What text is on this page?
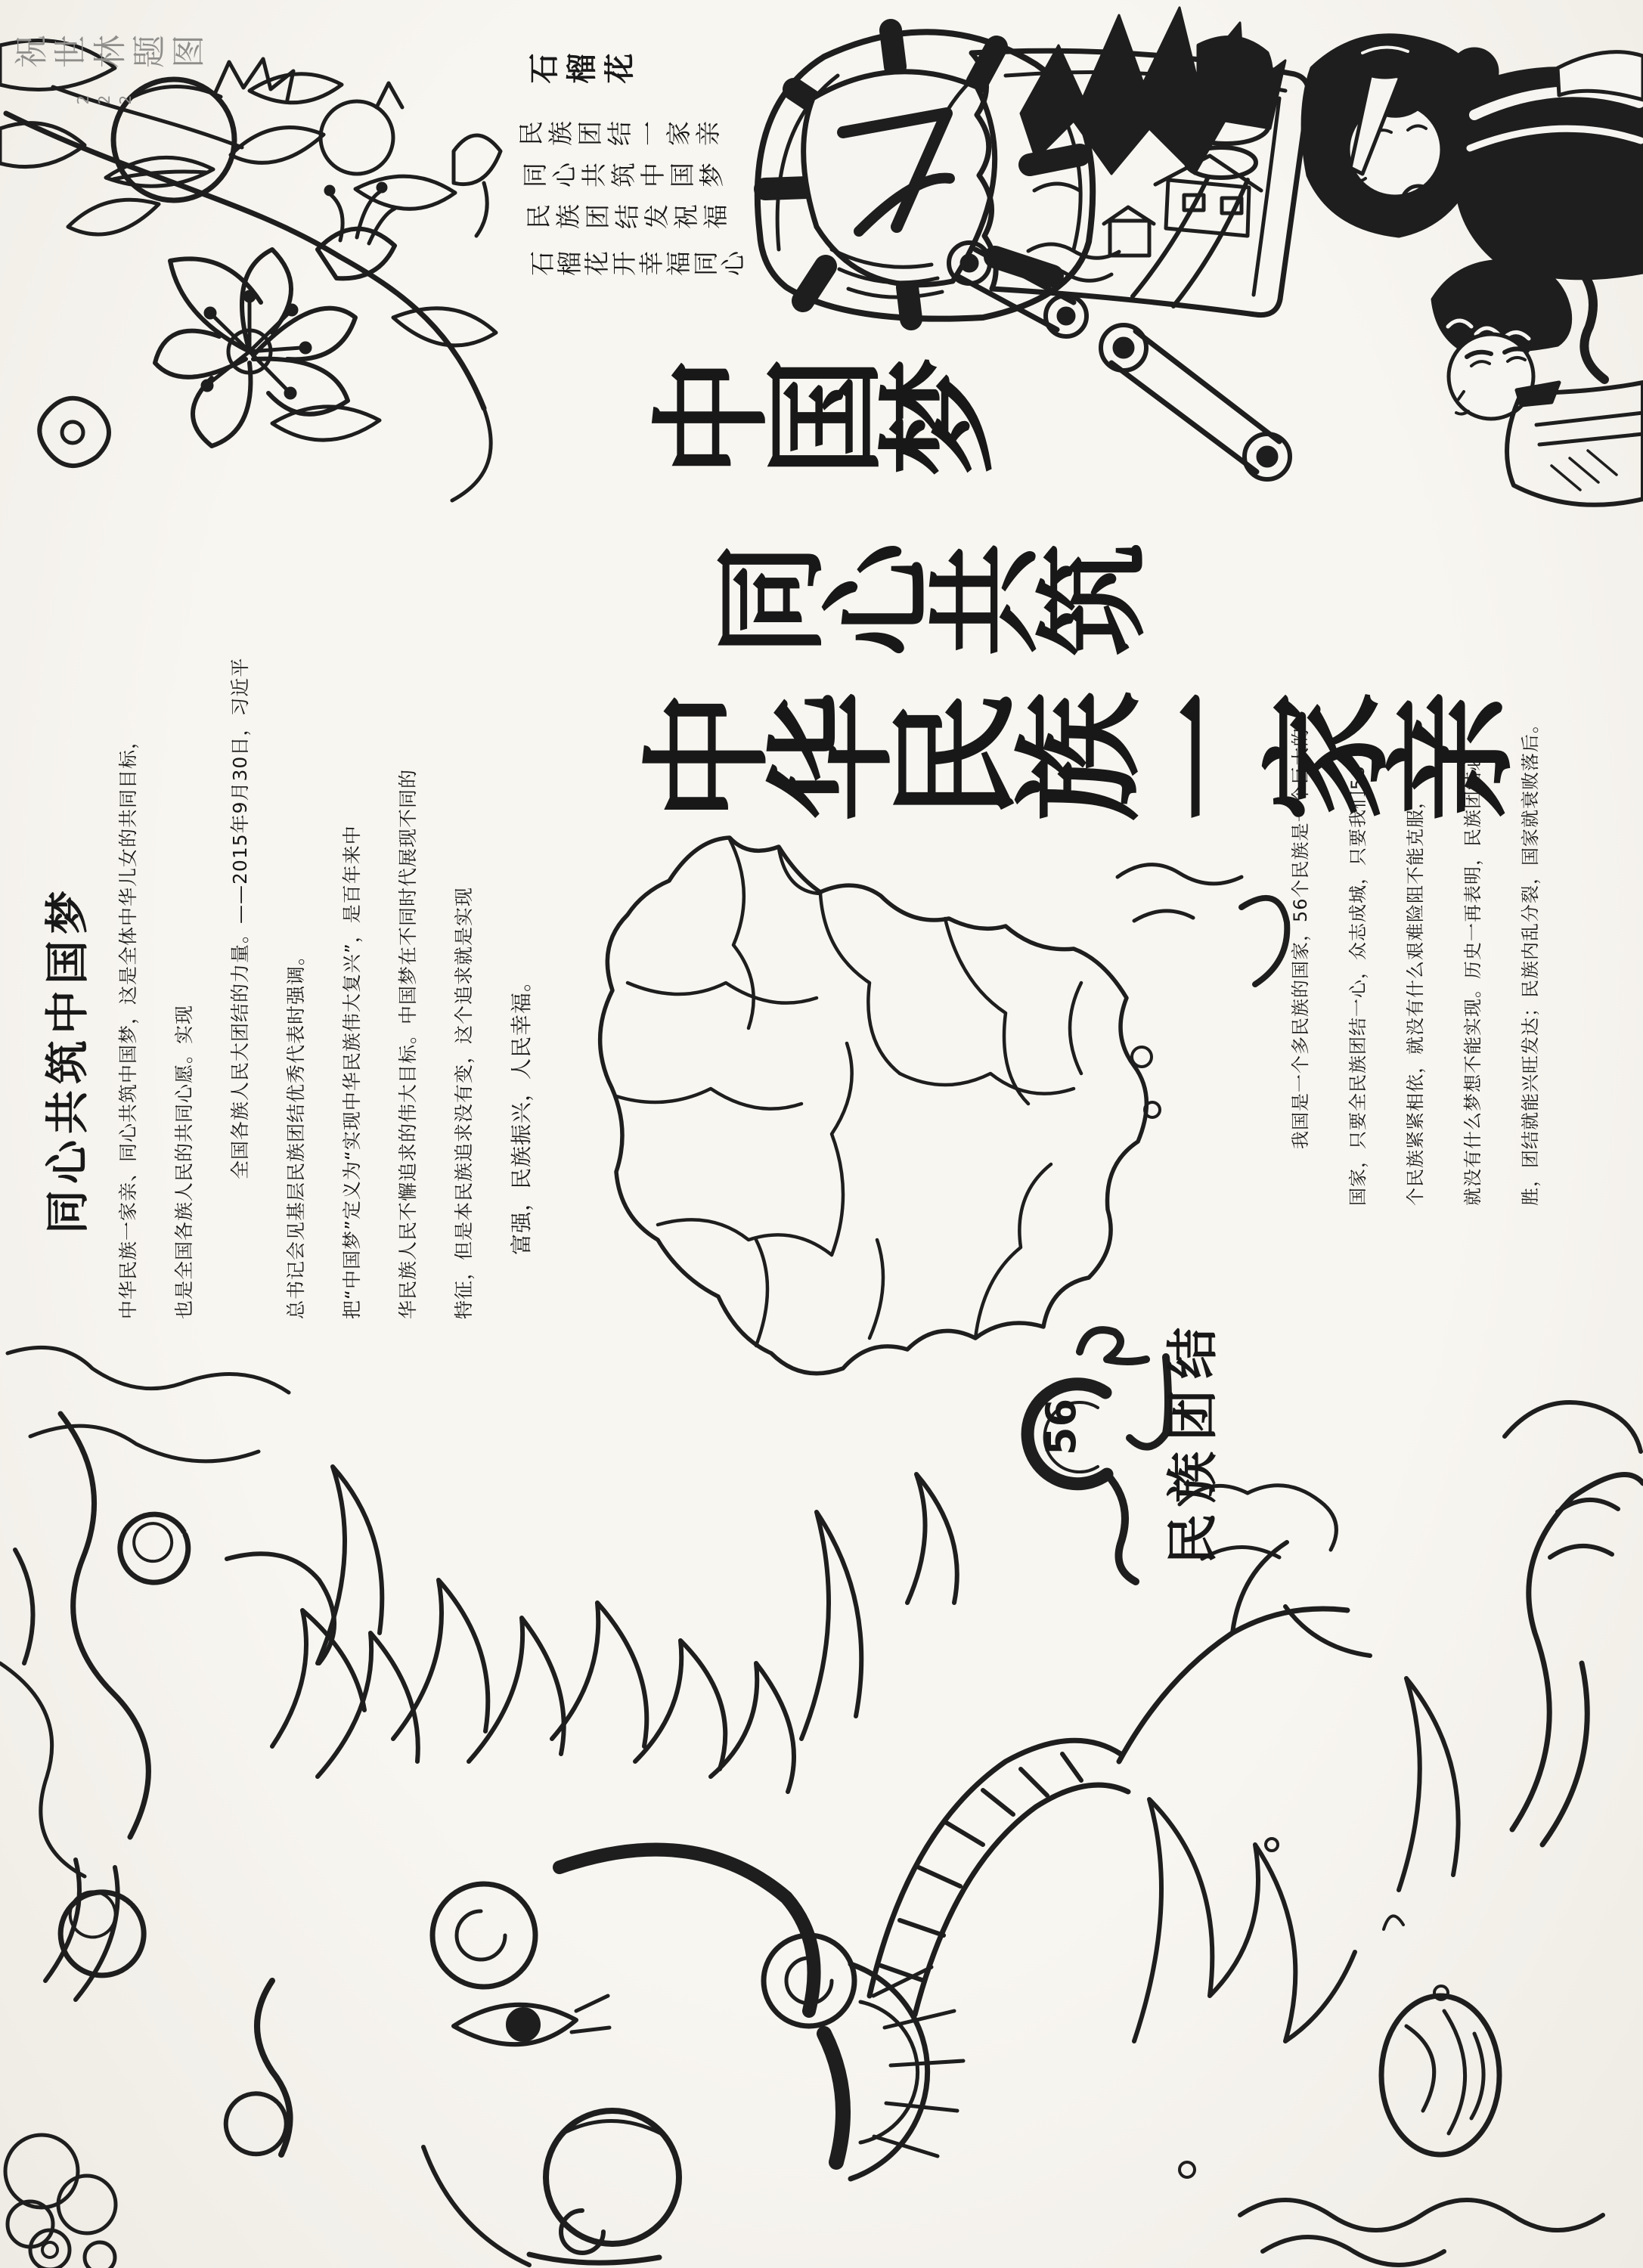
祝世林题图
222
石榴花
民族团结一家亲
同心共筑中国梦
民族团结发祝福
石榴花开幸福同心
中华民族一家亲
同心共筑
中国梦
同心共筑中国梦 中华民族一家亲、同心共筑中国梦，这是全体中华儿女的共同目标， 也是全国各族人民的共同心愿。实现 全国各族人民大团结的力量。——2015年9月30日，习近平 总书记会见基层民族团结优秀代表时强调。 把“中国梦”定义为“实现中华民族伟大复兴”，是百年来中 华民族人民不懈追求的伟大目标。中国梦在不同时代展现不同的 特征，但是本民族追求没有变，这个追求就是实现 富强，民族振兴，人民幸福。
民族团结
我国是一个多民族的国家，56个民族是一个巨大的 国家，只要全民族团结一心，众志成城，只要我们56 个民族紧紧相依，就没有什么艰难险阻不能克服， 就没有什么梦想不能实现。历史一再表明，民族团结必 胜，团结就能兴旺发达；民族内乱分裂，国家就衰败落后。
56
